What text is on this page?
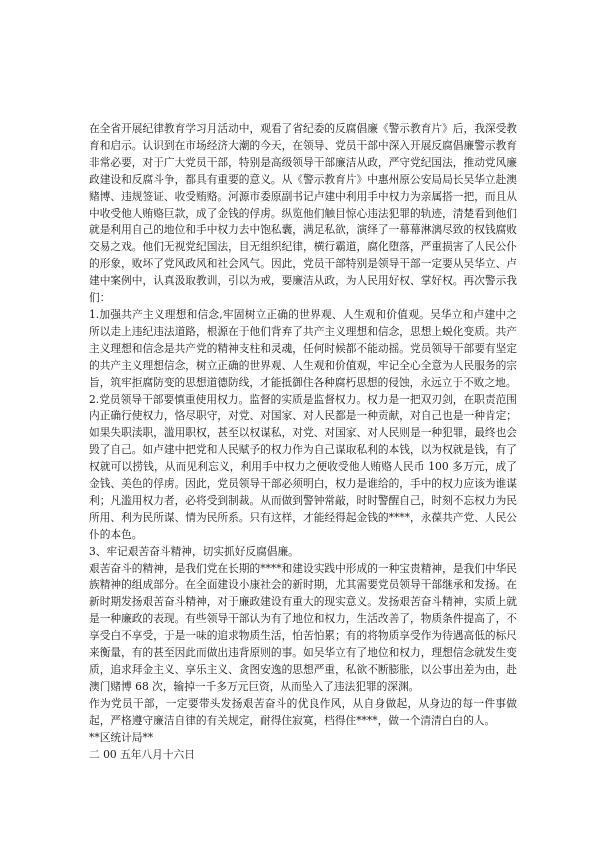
在全省开展纪律教育学习月活动中，观看了省纪委的反腐倡廉《警示教育片》后，我深受教育和启示。认识到在市场经济大潮的今天，在领导、党员干部中深入开展反腐倡廉警示教育非常必要，对于广大党员干部，特别是高级领导干部廉洁从政，严守党纪国法，推动党风廉政建设和反腐斗争，都具有重要的意义。从《警示教育片》中惠州原公安局局长吴华立赴澳赌博、违规签证、收受贿赂。河源市委原副书记卢建中利用手中权力为亲属搭一把，而且从中收受他人贿赂巨款，成了金钱的俘虏。纵览他们触目惊心违法犯罪的轨迹，清楚看到他们就是利用自己的地位和手中权力去中饱私囊，满足私欲，演绎了一幕幕淋漓尽致的权钱腐败交易之戏。他们无视党纪国法，目无组织纪律，横行霸道，腐化堕落，严重损害了人民公仆的形象，败坏了党风政风和社会风气。因此，党员干部特别是领导干部一定要从吴华立、卢建中案例中，认真汲取教训，引以为戒，要廉洁从政，为人民用好权、掌好权。再次警示我们：

1.加强共产主义理想和信念,牢固树立正确的世界观、人生观和价值观。吴华立和卢建中之所以走上违纪违法道路，根源在于他们背弃了共产主义理想和信念，思想上蜕化变质。共产主义理想和信念是共产党的精神支柱和灵魂，任何时候都不能动摇。党员领导干部要有坚定的共产主义理想信念，树立正确的世界观、人生观和价值观，牢记全心全意为人民服务的宗旨，筑牢拒腐防变的思想道德防线，才能抵御住各种腐朽思想的侵蚀，永远立于不败之地。

2.党员领导干部要慎重使用权力。监督的实质是监督权力。权力是一把双刃剑，在职责范围内正确行使权力，恪尽职守，对党、对国家、对人民都是一种贡献，对自己也是一种肯定；如果失职渎职，滥用职权，甚至以权谋私，对党、对国家、对人民则是一种犯罪，最终也会毁了自己。如卢建中把党和人民赋予的权力作为自己谋取私利的本钱，以为权就是钱，有了权就可以捞钱，从而见利忘义，利用手中权力之便收受他人贿赂人民币 100 多万元，成了金钱、美色的俘虏。因此，党员领导干部必须明白，权力是谁给的，手中的权力应该为谁谋利；凡滥用权力者，必将受到制裁。从而做到警钟常敲，时时警醒自己，时刻不忘权力为民所用、利为民所谋、情为民所系。只有这样，才能经得起金钱的****，永葆共产党、人民公仆的本色。

3、牢记艰苦奋斗精神，切实抓好反腐倡廉。

艰苦奋斗的精神，是我们党在长期的****和建设实践中形成的一种宝贵精神，是我们中华民族精神的组成部分。在全面建设小康社会的新时期，尤其需要党员领导干部继承和发扬。在新时期发扬艰苦奋斗精神，对于廉政建设有重大的现实意义。发扬艰苦奋斗精神，实质上就是一种廉政的表现。有些领导干部认为有了地位和权力，生活改善了，物质条件提高了，不享受白不享受，于是一味的追求物质生活，怕苦怕累；有的将物质享受作为待遇高低的标尺来衡量，有的甚至因此而做出违背原则的事。如吴华立有了地位和权力，理想信念就发生变质，追求拜金主义、享乐主义、贪图安逸的思想严重，私欲不断膨胀，以公事出差为由，赴澳门赌博 68 次，输掉一千多万元巨资，从而坠入了违法犯罪的深渊。

作为党员干部，一定要带头发扬艰苦奋斗的优良作风，从自身做起，从身边的每一件事做起，严格遵守廉洁自律的有关规定，耐得住寂寞，档得住****，做一个清清白白的人。

**区统计局**

二 00 五年八月十六日
